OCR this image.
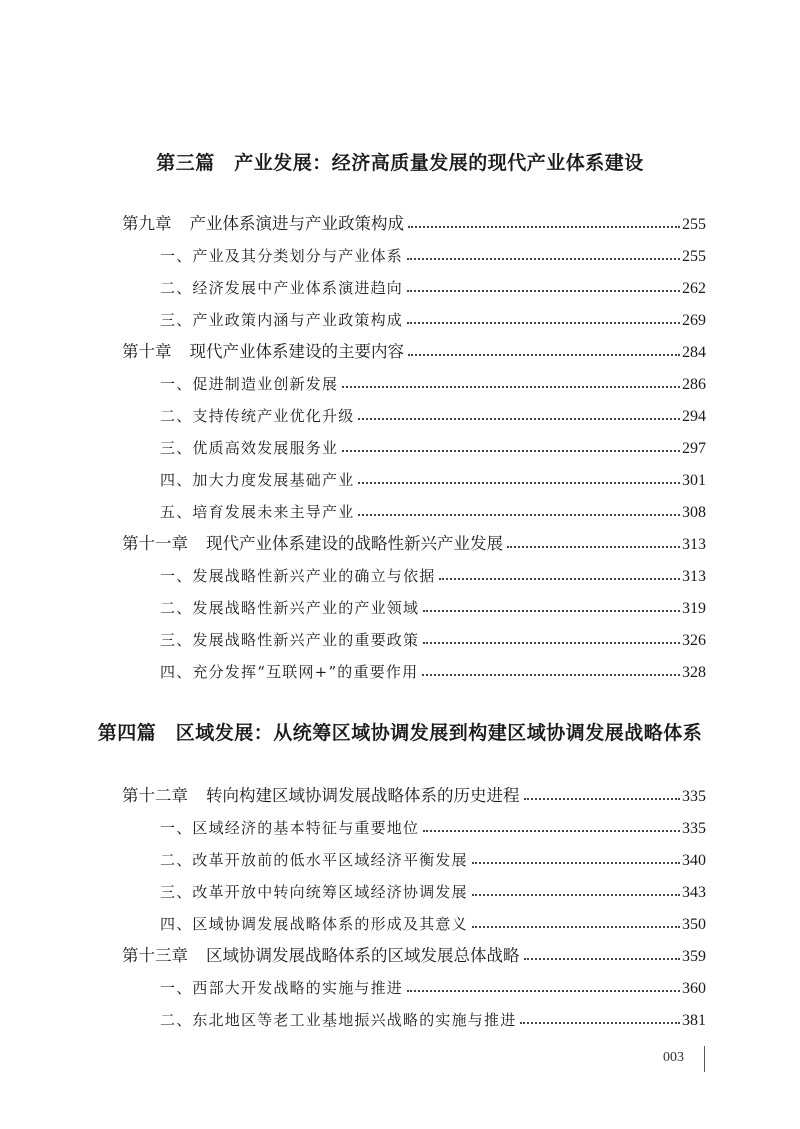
第三篇　产业发展：经济高质量发展的现代产业体系建设
第九章 产业体系演进与产业政策构成	255
一、产业及其分类划分与产业体系	255
二、经济发展中产业体系演进趋向	262
三、产业政策内涵与产业政策构成	269
第十章 现代产业体系建设的主要内容	284
一、促进制造业创新发展	286
二、支持传统产业优化升级	294
三、优质高效发展服务业	297
四、加大力度发展基础产业	301
五、培育发展未来主导产业	308
第十一章 现代产业体系建设的战略性新兴产业发展	313
一、发展战略性新兴产业的确立与依据	313
二、发展战略性新兴产业的产业领域	319
三、发展战略性新兴产业的重要政策	326
四、充分发挥“互联网+”的重要作用	328
第四篇　区域发展：从统筹区域协调发展到构建区域协调发展战略体系
第十二章 转向构建区域协调发展战略体系的历史进程	335
一、区域经济的基本特征与重要地位	335
二、改革开放前的低水平区域经济平衡发展	340
三、改革开放中转向统筹区域经济协调发展	343
四、区域协调发展战略体系的形成及其意义	350
第十三章 区域协调发展战略体系的区域发展总体战略	359
一、西部大开发战略的实施与推进	360
二、东北地区等老工业基地振兴战略的实施与推进	381
003
